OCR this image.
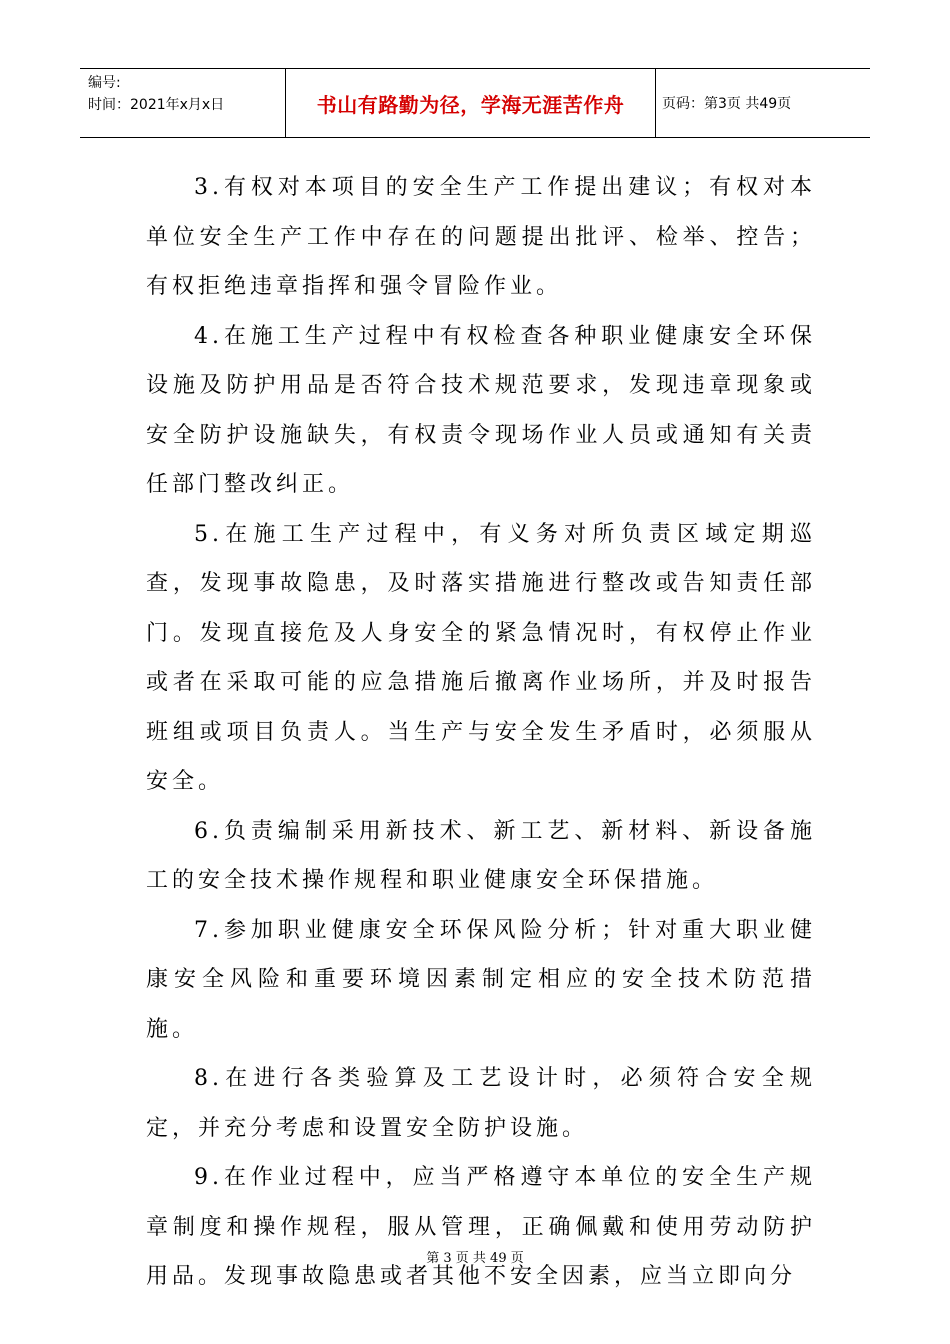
编号:
时间：2021年x月x日	书山有路勤为径，学海无涯苦作舟	页码：第3页 共49页

3.有权对本项目的安全生产工作提出建议；有权对本单位安全生产工作中存在的问题提出批评、检举、控告；有权拒绝违章指挥和强令冒险作业。

4.在施工生产过程中有权检查各种职业健康安全环保设施及防护用品是否符合技术规范要求，发现违章现象或安全防护设施缺失，有权责令现场作业人员或通知有关责任部门整改纠正。

5.在施工生产过程中，有义务对所负责区域定期巡查，发现事故隐患，及时落实措施进行整改或告知责任部门。发现直接危及人身安全的紧急情况时，有权停止作业或者在采取可能的应急措施后撤离作业场所，并及时报告班组或项目负责人。当生产与安全发生矛盾时，必须服从安全。

6.负责编制采用新技术、新工艺、新材料、新设备施工的安全技术操作规程和职业健康安全环保措施。

7.参加职业健康安全环保风险分析；针对重大职业健康安全风险和重要环境因素制定相应的安全技术防范措施。

8.在进行各类验算及工艺设计时，必须符合安全规定，并充分考虑和设置安全防护设施。

9.在作业过程中，应当严格遵守本单位的安全生产规章制度和操作规程，服从管理，正确佩戴和使用劳动防护用品。发现事故隐患或者其他不安全因素，应当立即向分

第 3 页 共 49 页
